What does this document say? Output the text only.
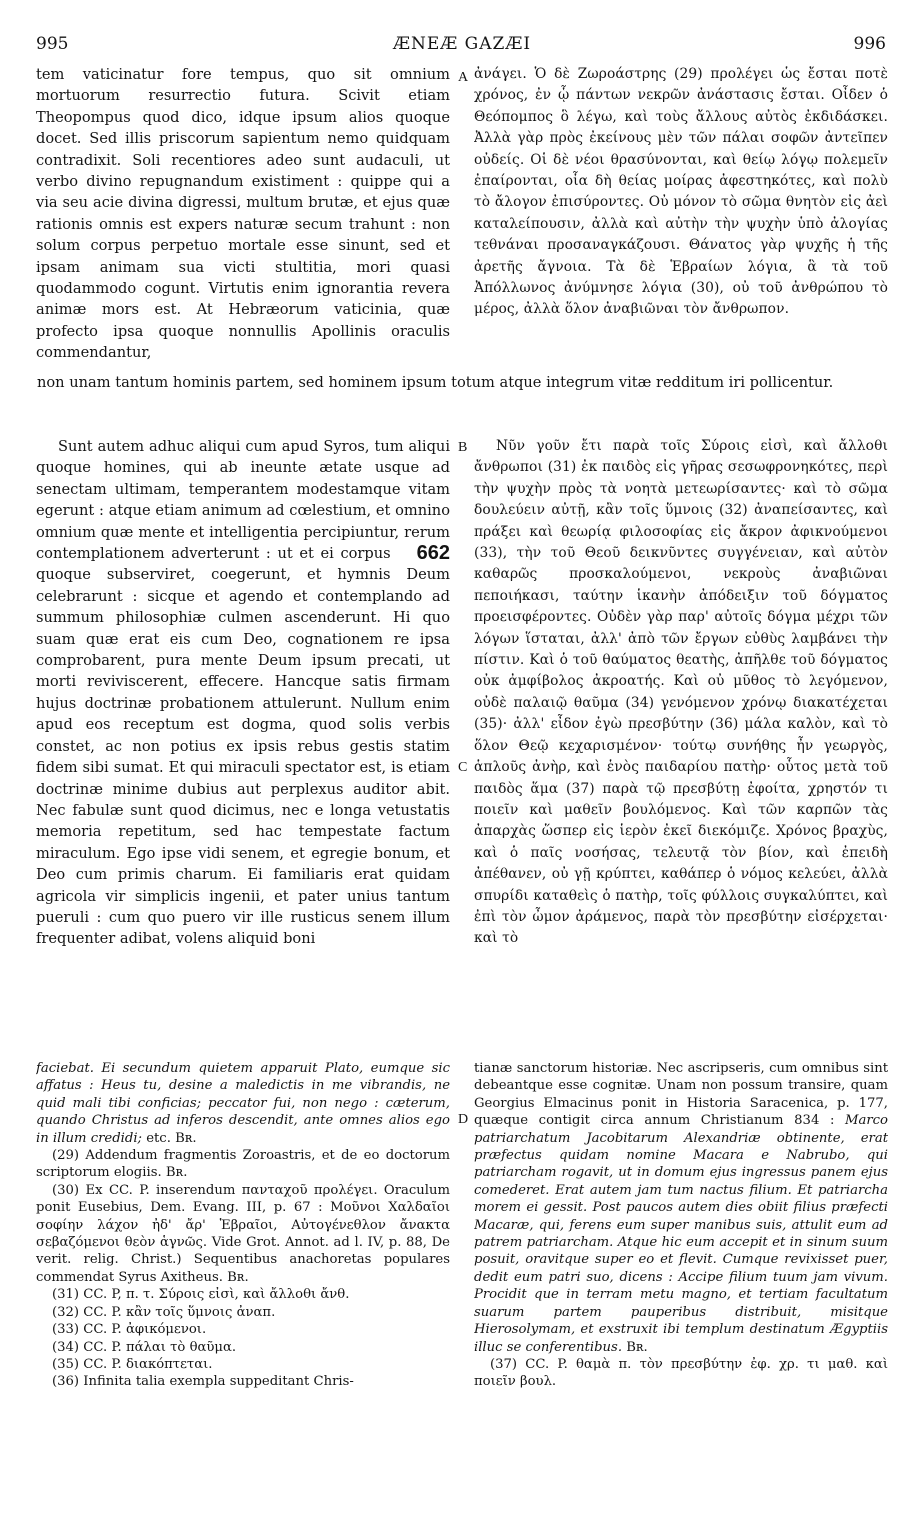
995	ÆNEÆ GAZÆI	996
A
B
C
D

tem vaticinatur fore tempus, quo sit omnium mortuorum resurrectio futura. Scivit etiam Theopompus quod dico, idque ipsum alios quoque docet. Sed illis priscorum sapientum nemo quidquam contradixit. Soli recentiores adeo sunt audaculi, ut verbo divino repugnandum existiment : quippe qui a via seu acie divina digressi, multum brutæ, et ejus quæ rationis omnis est expers naturæ secum trahunt : non solum corpus perpetuo mortale esse sinunt, sed et ipsam animam sua victi stultitia, mori quasi quodammodo cogunt. Virtutis enim ignorantia revera animæ mors est. At Hebræorum vaticinia, quæ profecto ipsa quoque nonnullis Apollinis oraculis commendantur,

ἀνάγει. Ὁ δὲ Ζωροάστρης (29) προλέγει ὡς ἔσται ποτὲ χρόνος, ἐν ᾧ πάντων νεκρῶν ἀνάστασις ἔσται. Οἶδεν ὁ Θεόπομπος ὃ λέγω, καὶ τοὺς ἄλλους αὐτὸς ἐκδιδάσκει. Ἀλλὰ γὰρ πρὸς ἐκείνους μὲν τῶν πάλαι σοφῶν ἀντεῖπεν οὐδείς. Οἱ δὲ νέοι θρασύνονται, καὶ θείῳ λόγῳ πολεμεῖν ἐπαίρονται, οἷα δὴ θείας μοίρας ἀφεστηκότες, καὶ πολὺ τὸ ἄλογον ἐπισύροντες. Οὐ μόνον τὸ σῶμα θνητὸν εἰς ἀεὶ καταλείπουσιν, ἀλλὰ καὶ αὐτὴν τὴν ψυχὴν ὑπὸ ἀλογίας τεθνάναι προσαναγκάζουσι. Θάνατος γὰρ ψυχῆς ἡ τῆς ἀρετῆς ἄγνοια. Τὰ δὲ Ἑβραίων λόγια, ἃ τὰ τοῦ Ἀπόλλωνος ἀνύμνησε λόγια (30), οὐ τοῦ ἀνθρώπου τὸ μέρος, ἀλλὰ ὅλον ἀναβιῶναι τὸν ἄνθρωπον.

non unam tantum hominis partem, sed hominem ipsum totum atque integrum vitæ redditum iri pollicentur.

Sunt autem adhuc aliqui cum apud Syros, tum aliqui quoque homines, qui ab ineunte ætate usque ad senectam ultimam, temperantem modestamque vitam egerunt : atque etiam animum ad cœlestium, et omnino omnium quæ mente et intelligentia percipiuntur, rerum contemplationem adverterunt :	662
ut et ei corpus quoque subserviret, coegerunt, et hymnis Deum celebrarunt : sicque et agendo et contemplando ad summum philosophiæ culmen ascenderunt. Hi quo suam quæ erat eis cum Deo, cognationem re ipsa comprobarent, pura mente Deum ipsum precati, ut morti reviviscerent, effecere. Hancque satis firmam hujus doctrinæ probationem attulerunt. Nullum enim apud eos receptum est dogma, quod solis verbis constet, ac non potius ex ipsis rebus gestis statim fidem sibi sumat. Et qui miraculi spectator est, is etiam doctrinæ minime dubius aut perplexus auditor abit. Nec fabulæ sunt quod dicimus, nec e longa vetustatis memoria repetitum, sed hac tempestate factum miraculum. Ego ipse vidi senem, et egregie bonum, et Deo cum primis charum. Ei familiaris erat quidam agricola vir simplicis ingenii, et pater unius tantum pueruli : cum quo puero vir ille rusticus senem illum frequenter adibat, volens aliquid boni

Νῦν γοῦν ἔτι παρὰ τοῖς Σύροις εἰσὶ, καὶ ἄλλοθι ἄνθρωποι (31) ἐκ παιδὸς εἰς γῆρας σεσωφρονηκότες, περὶ τὴν ψυχὴν πρὸς τὰ νοητὰ μετεωρίσαντες· καὶ τὸ σῶμα δουλεύειν αὐτῇ, κἂν τοῖς ὕμνοις (32) ἀναπείσαντες, καὶ πράξει καὶ θεωρίᾳ φιλοσοφίας εἰς ἄκρον ἀφικνούμενοι (33), τὴν τοῦ Θεοῦ δεικνῦντες συγγένειαν, καὶ αὐτὸν καθαρῶς προσκαλούμενοι, νεκροὺς ἀναβιῶναι πεποιήκασι, ταύτην ἱκανὴν ἀπόδειξιν τοῦ δόγματος προεισφέροντες. Οὐδὲν γὰρ παρ' αὐτοῖς δόγμα μέχρι τῶν λόγων ἵσταται, ἀλλ' ἀπὸ τῶν ἔργων εὐθὺς λαμβάνει τὴν πίστιν. Καὶ ὁ τοῦ θαύματος θεατὴς, ἀπῆλθε τοῦ δόγματος οὐκ ἀμφίβολος ἀκροατής. Καὶ οὐ μῦθος τὸ λεγόμενον, οὐδὲ παλαιῷ θαῦμα (34) γενόμενον χρόνῳ διακατέχεται (35)· ἀλλ' εἶδον ἐγὼ πρεσβύτην (36) μάλα καλὸν, καὶ τὸ ὅλον Θεῷ κεχαρισμένον· τούτῳ συνήθης ἦν γεωργὸς, ἁπλοῦς ἀνὴρ, καὶ ἑνὸς παιδαρίου πατὴρ· οὗτος μετὰ τοῦ παιδὸς ἅμα (37) παρὰ τῷ πρεσβύτῃ ἐφοίτα, χρηστόν τι ποιεῖν καὶ μαθεῖν βουλόμενος. Καὶ τῶν καρπῶν τὰς ἀπαρχὰς ὥσπερ εἰς ἱερὸν ἐκεῖ διεκόμιζε. Χρόνος βραχὺς, καὶ ὁ παῖς νοσήσας, τελευτᾷ τὸν βίον, καὶ ἐπειδὴ ἀπέθανεν, οὐ γῇ κρύπτει, καθάπερ ὁ νόμος κελεύει, ἀλλὰ σπυρίδι καταθεὶς ὁ πατὴρ, τοῖς φύλλοις συγκαλύπτει, καὶ ἐπὶ τὸν ὦμον ἀράμενος, παρὰ τὸν πρεσβύτην εἰσέρχεται· καὶ τὸ

faciebat. Ei secundum quietem apparuit Plato, eumque sic affatus : Heus tu, desine a maledictis in me vibrandis, ne quid mali tibi conficias; peccator fui, non nego : cæterum, quando Christus ad inferos descendit, ante omnes alios ego in illum credidi; etc. Bʀ.

(29) Addendum fragmentis Zoroastris, et de eo doctorum scriptorum elogiis. Bʀ.

(30) Ex CC. P. inserendum πανταχοῦ προλέγει. Oraculum ponit Eusebius, Dem. Evang. III, p. 67 : Μοῦνοι Χαλδαῖοι σοφίην λάχον ἠδ' ἄρ' Ἑβραῖοι, Αὐτογένεθλον ἄνακτα σεβαζόμενοι θεὸν ἁγνῶς. Vide Grot. Annot. ad l. IV, p. 88, De verit. relig. Christ.) Sequentibus anachoretas populares commendat Syrus Axitheus. Bʀ.

(31) CC. P, π. τ. Σύροις εἰσὶ, καὶ ἄλλοθι ἄνθ.

(32) CC. P. κἂν τοῖς ὕμνοις ἀναπ.

(33) CC. P. ἀφικόμενοι.

(34) CC. P. πάλαι τὸ θαῦμα.

(35) CC. P. διακόπτεται.

(36) Infinita talia exempla suppeditant Chris-

tianæ sanctorum historiæ. Nec ascripseris, cum omnibus sint debeantque esse cognitæ. Unam non possum transire, quam Georgius Elmacinus ponit in Historia Saracenica, p. 177, quæque contigit circa annum Christianum 834 : Marco patriarchatum Jacobitarum Alexandriæ obtinente, erat præfectus quidam nomine Macara e Nabrubo, qui patriarcham rogavit, ut in domum ejus ingressus panem ejus comederet. Erat autem jam tum nactus filium. Et patriarcha morem ei gessit. Post paucos autem dies obiit filius præfecti Macaræ, qui, ferens eum super manibus suis, attulit eum ad patrem patriarcham. Atque hic eum accepit et in sinum suum posuit, oravitque super eo et flevit. Cumque revixisset puer, dedit eum patri suo, dicens : Accipe filium tuum jam vivum. Procidit que in terram metu magno, et tertiam facultatum suarum partem pauperibus distribuit, misitque Hierosolymam, et exstruxit ibi templum destinatum Ægyptiis illuc se conferentibus. Bʀ.

(37) CC. P. θαμὰ π. τὸν πρεσβύτην ἐφ. χρ. τι μαθ. καὶ ποιεῖν βουλ.
